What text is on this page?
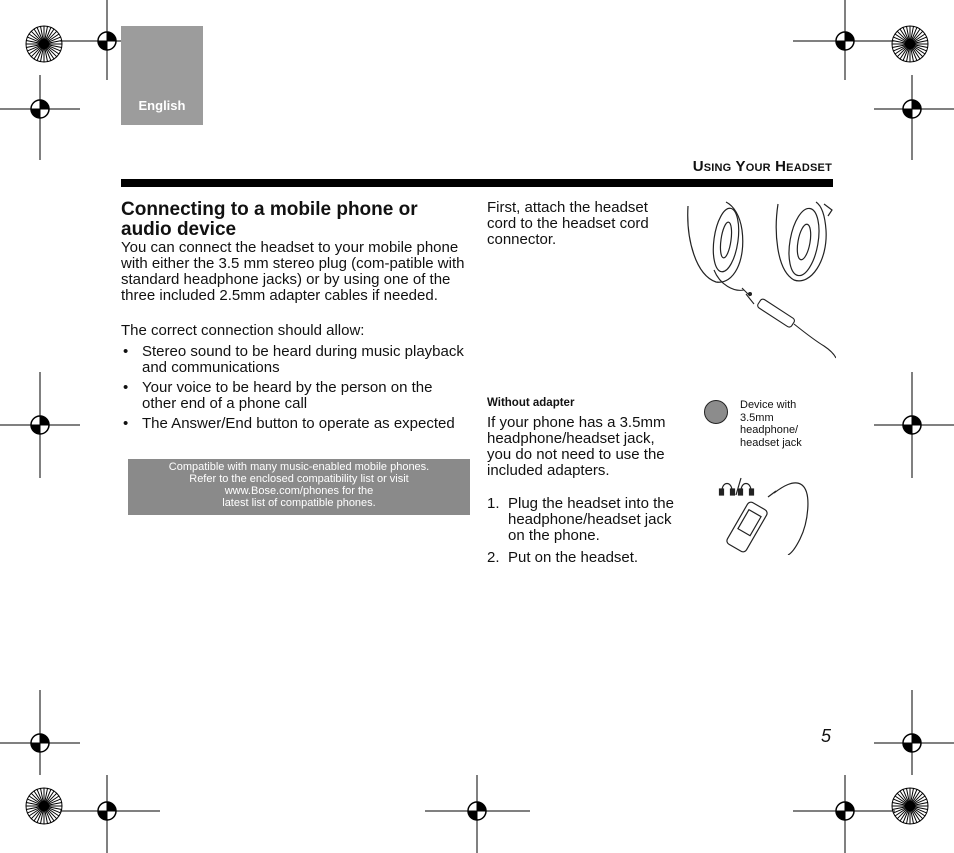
English
Using Your Headset
Connecting to a mobile phone or audio device
You can connect the headset to your mobile phone with either the 3.5 mm stereo plug (com-patible with standard headphone jacks) or by using one of the three included 2.5mm adapter cables if needed.
The correct connection should allow:
• Stereo sound to be heard during music playback and communications
• Your voice to be heard by the person on the other end of a phone call
• The Answer/End button to operate as expected
Compatible with many music-enabled mobile phones.
Refer to the enclosed compatibility list or visit
www.Bose.com/phones for the
latest list of compatible phones.
First, attach the headset cord to the headset cord connector.
Without adapter
If your phone has a 3.5mm headphone/headset jack, you do not need to use the included adapters.
1. Plug the headset into the headphone/headset jack on the phone.
2. Put on the headset.
Device with 3.5mm headphone/ headset jack
5
